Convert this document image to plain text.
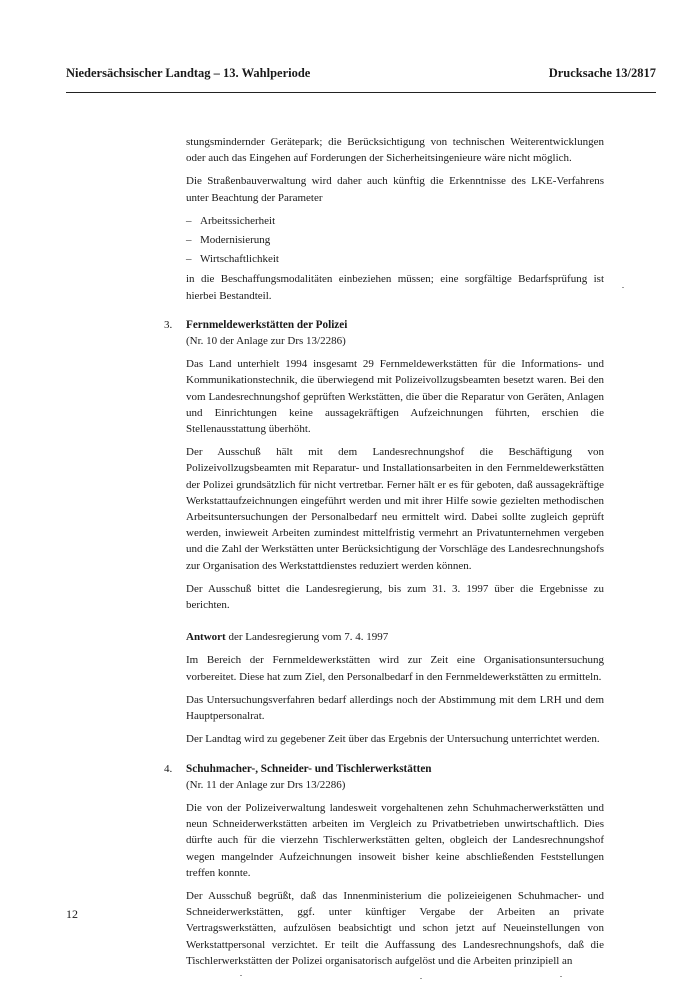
Niedersächsischer Landtag – 13. Wahlperiode	Drucksache 13/2817

stungsmindernder Gerätepark; die Berücksichtigung von technischen Weiterentwicklungen oder auch das Eingehen auf Forderungen der Sicherheitsingenieure wäre nicht möglich.

Die Straßenbauverwaltung wird daher auch künftig die Erkenntnisse des LKE-Verfahrens unter Beachtung der Parameter

– Arbeitssicherheit
– Modernisierung
– Wirtschaftlichkeit

in die Beschaffungsmodalitäten einbeziehen müssen; eine sorgfältige Bedarfsprüfung ist hierbei Bestandteil.

3. Fernmeldewerkstätten der Polizei
(Nr. 10 der Anlage zur Drs 13/2286)

Das Land unterhielt 1994 insgesamt 29 Fernmeldewerkstätten für die Informations- und Kommunikationstechnik, die überwiegend mit Polizeivollzugsbeamten besetzt waren. Bei den vom Landesrechnungshof geprüften Werkstätten, die über die Reparatur von Geräten, Anlagen und Einrichtungen keine aussagekräftigen Aufzeichnungen führten, erschien die Stellenausstattung überhöht.

Der Ausschuß hält mit dem Landesrechnungshof die Beschäftigung von Polizeivollzugsbeamten mit Reparatur- und Installationsarbeiten in den Fernmeldewerkstätten der Polizei grundsätzlich für nicht vertretbar. Ferner hält er es für geboten, daß aussagekräftige Werkstattaufzeichnungen eingeführt werden und mit ihrer Hilfe sowie gezielten methodischen Arbeitsuntersuchungen der Personalbedarf neu ermittelt wird. Dabei sollte zugleich geprüft werden, inwieweit Arbeiten zumindest mittelfristig vermehrt an Privatunternehmen vergeben und die Zahl der Werkstätten unter Berücksichtigung der Vorschläge des Landesrechnungshofs zur Organisation des Werkstattdienstes reduziert werden können.

Der Ausschuß bittet die Landesregierung, bis zum 31. 3. 1997 über die Ergebnisse zu berichten.

Antwort der Landesregierung vom 7. 4. 1997

Im Bereich der Fernmeldewerkstätten wird zur Zeit eine Organisationsuntersuchung vorbereitet. Diese hat zum Ziel, den Personalbedarf in den Fernmeldewerkstätten zu ermitteln.

Das Untersuchungsverfahren bedarf allerdings noch der Abstimmung mit dem LRH und dem Hauptpersonalrat.

Der Landtag wird zu gegebener Zeit über das Ergebnis der Untersuchung unterrichtet werden.

4. Schuhmacher-, Schneider- und Tischlerwerkstätten
(Nr. 11 der Anlage zur Drs 13/2286)

Die von der Polizeiverwaltung landesweit vorgehaltenen zehn Schuhmacherwerkstätten und neun Schneiderwerkstätten arbeiten im Vergleich zu Privatbetrieben unwirtschaftlich. Dies dürfte auch für die vierzehn Tischlerwerkstätten gelten, obgleich der Landesrechnungshof wegen mangelnder Aufzeichnungen insoweit bisher keine abschließenden Feststellungen treffen konnte.

Der Ausschuß begrüßt, daß das Innenministerium die polizeieigenen Schuhmacher- und Schneiderwerkstätten, ggf. unter künftiger Vergabe der Arbeiten an private Vertragswerkstätten, aufzulösen beabsichtigt und schon jetzt auf Neueinstellungen von Werkstattpersonal verzichtet. Er teilt die Auffassung des Landesrechnungshofs, daß die Tischlerwerkstätten der Polizei organisatorisch aufgelöst und die Arbeiten prinzipiell an

12
